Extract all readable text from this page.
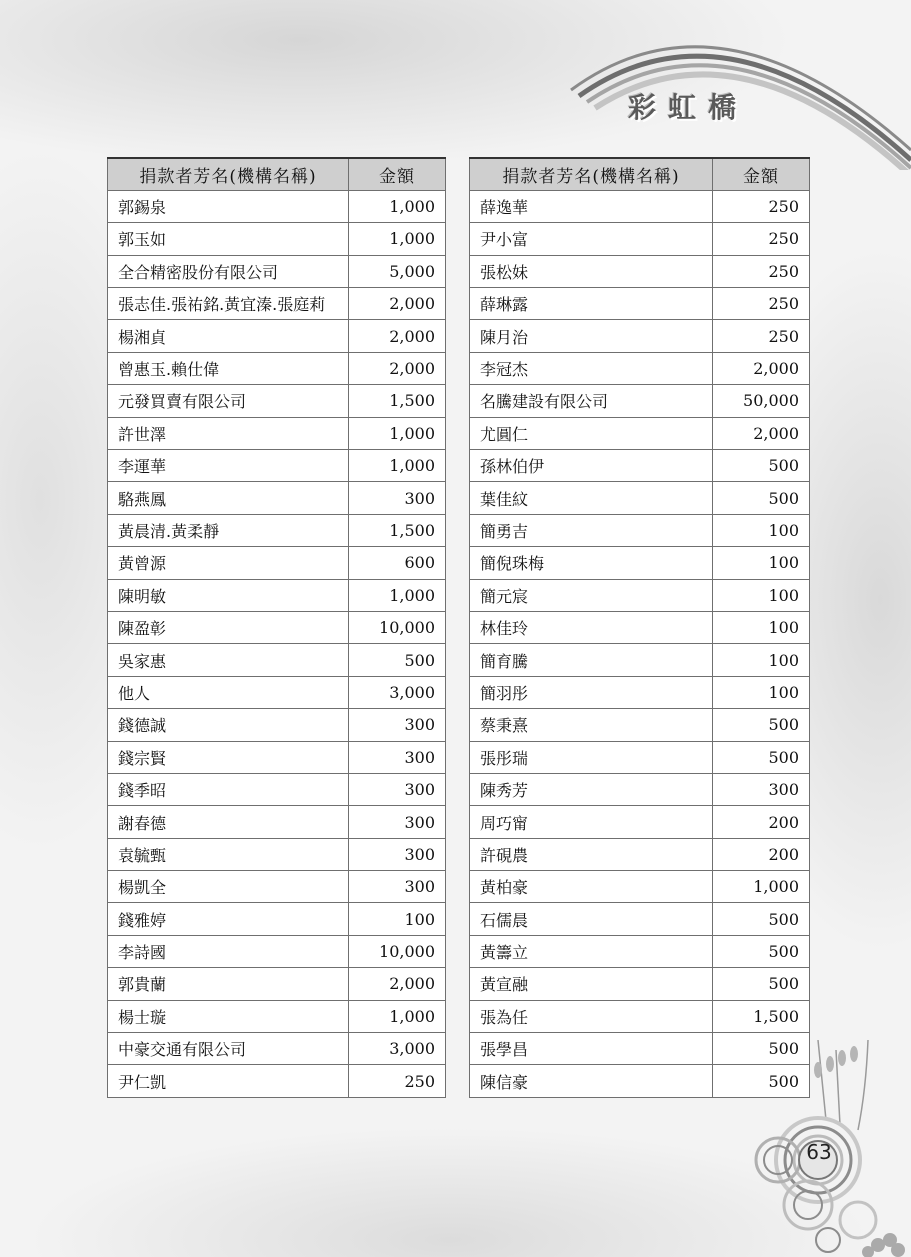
彩虹橋
捐款者芳名(機構名稱)	金額
郭錫泉	1,000
郭玉如	1,000
全合精密股份有限公司	5,000
張志佳.張祐銘.黃宜溱.張庭莉	2,000
楊湘貞	2,000
曾惠玉.賴仕偉	2,000
元發買賣有限公司	1,500
許世澤	1,000
李運華	1,000
駱燕鳳	300
黃晨清.黃柔靜	1,500
黃曾源	600
陳明敏	1,000
陳盈彰	10,000
吳家惠	500
他人	3,000
錢德誠	300
錢宗賢	300
錢季昭	300
謝春德	300
袁毓甄	300
楊凱全	300
錢雅婷	100
李詩國	10,000
郭貴蘭	2,000
楊士璇	1,000
中豪交通有限公司	3,000
尹仁凱	250
捐款者芳名(機構名稱)	金額
薛逸華	250
尹小富	250
張松妹	250
薛琳露	250
陳月治	250
李冠杰	2,000
名騰建設有限公司	50,000
尤圓仁	2,000
孫林伯伊	500
葉佳紋	500
簡勇吉	100
簡倪珠梅	100
簡元宸	100
林佳玲	100
簡育騰	100
簡羽彤	100
蔡秉熹	500
張彤瑞	500
陳秀芳	300
周巧甯	200
許硯農	200
黃柏豪	1,000
石儒晨	500
黃籌立	500
黃宣融	500
張為任	1,500
張學昌	500
陳信豪	500
63
